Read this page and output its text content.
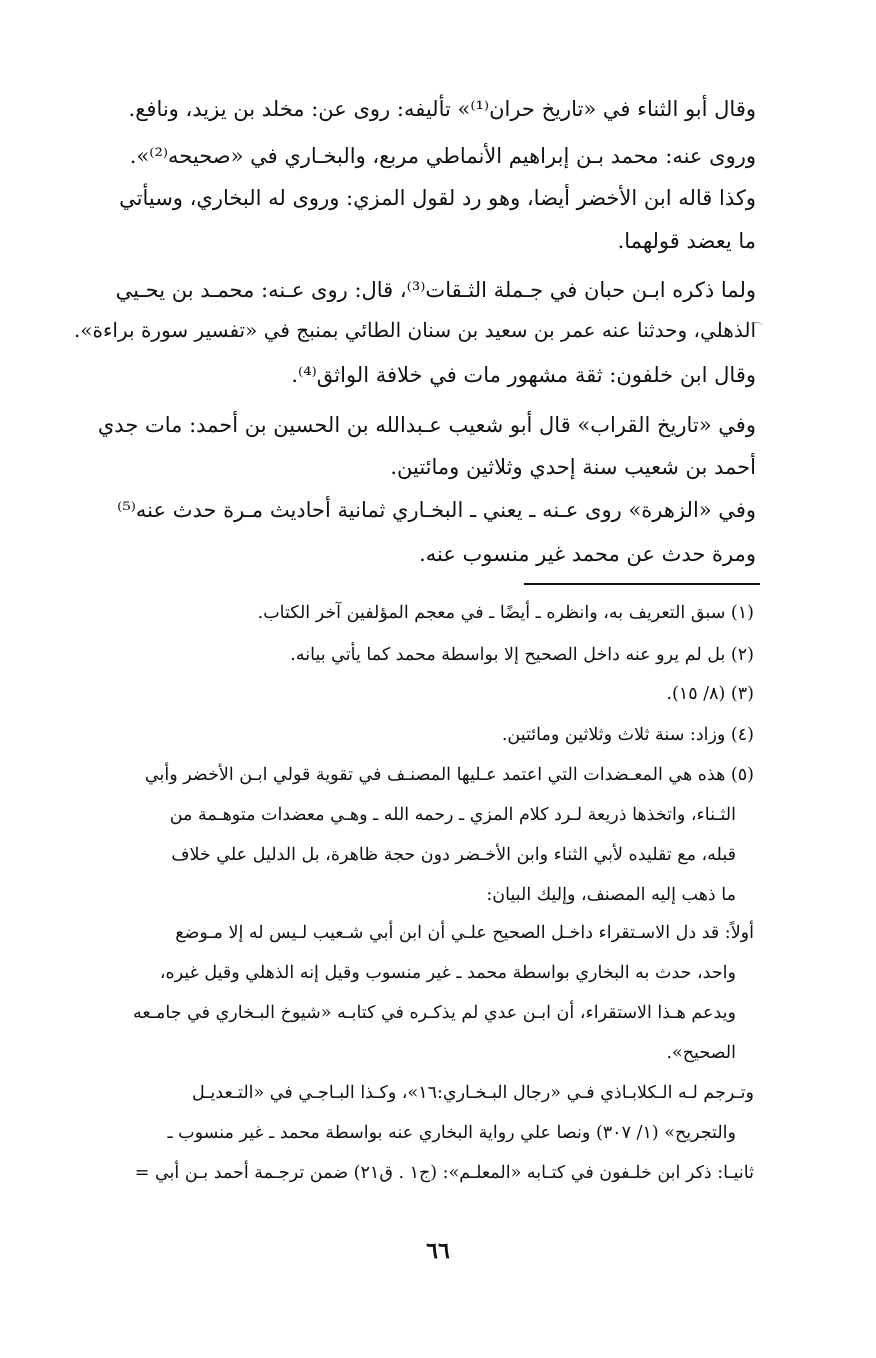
وقال أبو الثناء في «تاريخ حران⁽¹⁾» تأليفه: روى عن: مخلد بن يزيد، ونافع.
وروى عنه: محمد بـن إبراهيم الأنماطي مربع، والبخـاري في «صحيحه⁽²⁾».
وكذا قاله ابن الأخضر أيضا، وهو رد لقول المزي: وروى له البخاري، وسيأتي
ما يعضد قولهما.
ولما ذكره ابـن حبان في جـملة الثـقات⁽³⁾، قال: روى عـنه: محمـد بن يحـيي
الذهلي، وحدثنا عنه عمر بن سعيد بن سنان الطائي بمنبج في «تفسير سورة براءة».
وقال ابن خلفون: ثقة مشهور مات في خلافة الواثق⁽⁴⁾.
وفي «تاريخ القراب» قال أبو شعيب عـبدالله بن الحسين بن أحمد: مات جدي
أحمد بن شعيب سنة إحدي وثلاثين ومائتين.
وفي «الزهرة» روى عـنه ـ يعني ـ البخـاري ثمانية أحاديث مـرة حدث عنه⁽⁵⁾
ومرة حدث عن محمد غير منسوب عنه.
(١) سبق التعريف به، وانظره ـ أيضًا ـ في معجم المؤلفين آخر الكتاب.
(٢) بل لم يرو عنه داخل الصحيح إلا بواسطة محمد كما يأتي بيانه.
(٣) (٨/ ١٥).
(٤) وزاد: سنة ثلاث وثلاثين ومائتين.
(٥) هذه هي المعـضدات التي اعتمد عـليها المصنـف في تقوية قولي ابـن الأخضر وأبي
الثـناء، واتخذها ذريعة لـرد كلام المزي ـ رحمه الله ـ وهـي معضدات متوهـمة من
قبله، مع تقليده لأبي الثناء وابن الأخـضر دون حجة ظاهرة، بل الدليل علي خلاف
ما ذهب إليه المصنف، وإليك البيان:
أولاً: قد دل الاسـتقراء داخـل الصحيح علـي أن ابن أبي شـعيب لـيس له إلا مـوضع
واحد، حدث به البخاري بواسطة محمد ـ غير منسوب وقيل إنه الذهلي وقيل غيره،
ويدعم هـذا الاستقراء، أن ابـن عدي لم يذكـره في كتابـه «شيوخ البـخاري في جامـعه
الصحيح».
وتـرجم لـه الـكلابـاذي فـي «رجال البـخـاري:١٦»، وكـذا البـاجـي في «التـعديـل
والتجريح» (١/ ٣٠٧) ونصا علي رواية البخاري عنه بواسطة محمد ـ غير منسوب ـ
ثانيـا: ذكر ابن خلـفون في كتـابه «المعلـم»: (ج١ . ق٢١) ضمن ترجـمة أحمد بـن أبي =
٦٦
